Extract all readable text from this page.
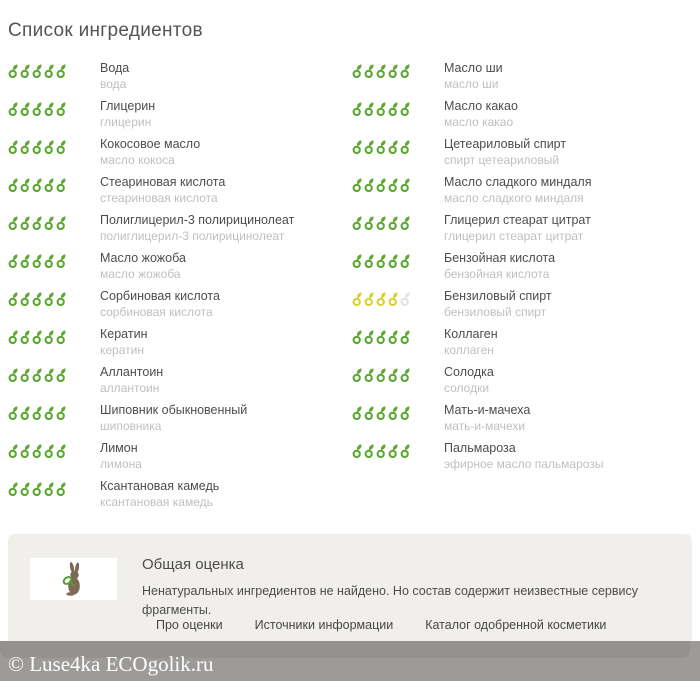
Список ингредиентов
Вода
вода
Глицерин
глицерин
Кокосовое масло
масло кокоса
Стеариновая кислота
стеариновая кислота
Полиглицерил-3 полирицинолеат
полиглицерил-3 полирицинолеат
Масло жожоба
масло жожоба
Сорбиновая кислота
сорбиновая кислота
Кератин
кератин
Аллантоин
аллантоин
Шиповник обыкновенный
шиповника
Лимон
лимона
Ксантановая камедь
ксантановая камедь
Масло ши
масло ши
Масло какао
масло какао
Цетеариловый спирт
спирт цетеариловый
Масло сладкого миндаля
масло сладкого миндаля
Глицерил стеарат цитрат
глицерил стеарат цитрат
Бензойная кислота
бензойная кислота
Бензиловый спирт
бензиловый спирт
Коллаген
коллаген
Солодка
солодки
Мать-и-мачеха
мать-и-мачехи
Пальмароза
эфирное масло пальмарозы
Общая оценка

Ненатуральных ингредиентов не найдено. Но состав содержит неизвестные сервису фрагменты.

Про оценки	Источники информации	Каталог одобренной косметики
© Luse4ka ECOgolik.ru
